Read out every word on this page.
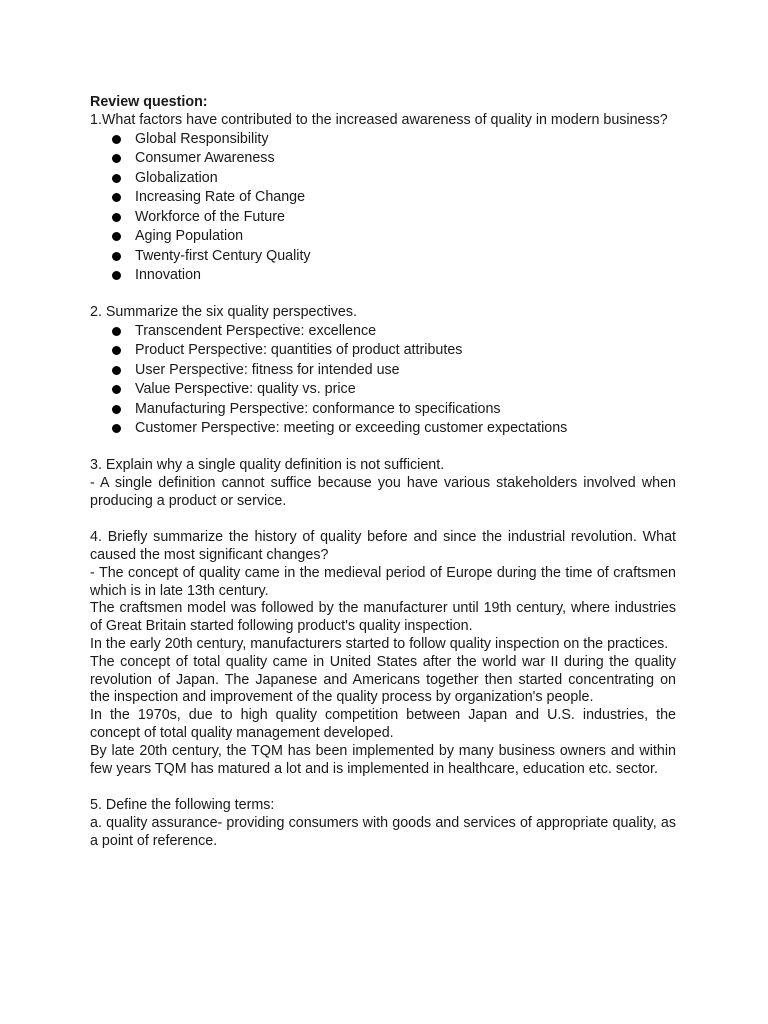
Review question:

1.What factors have contributed to the increased awareness of quality in modern business?

Global Responsibility
Consumer Awareness
Globalization
Increasing Rate of Change
Workforce of the Future
Aging Population
Twenty-first Century Quality
Innovation

2. Summarize the six quality perspectives.

Transcendent Perspective: excellence
Product Perspective: quantities of product attributes
User Perspective: fitness for intended use
Value Perspective: quality vs. price
Manufacturing Perspective: conformance to specifications
Customer Perspective: meeting or exceeding customer expectations

3. Explain why a single quality definition is not sufficient.

- A single definition cannot suffice because you have various stakeholders involved when producing a product or service.

4. Briefly summarize the history of quality before and since the industrial revolution. What caused the most significant changes?

- The concept of quality came in the medieval period of Europe during the time of craftsmen which is in late 13th century.

The craftsmen model was followed by the manufacturer until 19th century, where industries of Great Britain started following product's quality inspection.

In the early 20th century, manufacturers started to follow quality inspection on the practices.

The concept of total quality came in United States after the world war II during the quality revolution of Japan. The Japanese and Americans together then started concentrating on the inspection and improvement of the quality process by organization's people.

In the 1970s, due to high quality competition between Japan and U.S. industries, the concept of total quality management developed.

By late 20th century, the TQM has been implemented by many business owners and within few years TQM has matured a lot and is implemented in healthcare, education etc. sector.

5. Define the following terms:

a. quality assurance- providing consumers with goods and services of appropriate quality, as a point of reference.
